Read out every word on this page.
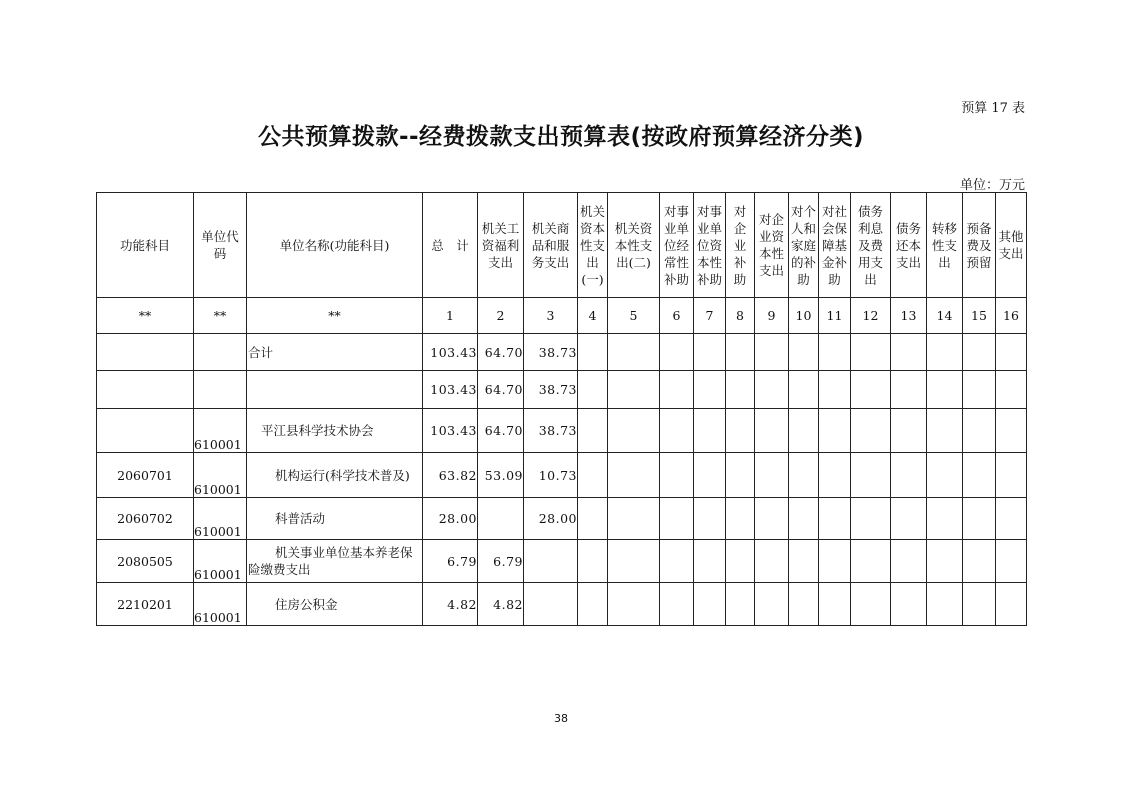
预算 17 表
公共预算拨款--经费拨款支出预算表(按政府预算经济分类)
单位：万元
功能科目	单位代码	单位名称(功能科目)	总　计	机关工资福利支出	机关商品和服务支出	机关资本性支出(一)	机关资本性支出(二)	对事业单位经常性补助	对事业单位资本性补助	对企业补助	对企业资本性支出	对个人和家庭的补助	对社会保障基金补助	债务利息及费用支出	债务还本支出	转移性支出	预备费及预留	其他支出
**	**	**	1	2	3	4	5	6	7	8	9	10	11	12	13	14	15	16
		合计	103.43	64.70	38.73													
			103.43	64.70	38.73													
	610001	平江县科学技术协会	103.43	64.70	38.73													
2060701	610001	机构运行(科学技术普及)	63.82	53.09	10.73													
2060702	610001	科普活动	28.00		28.00													
2080505	610001	机关事业单位基本养老保险缴费支出	6.79	6.79														
2210201	610001	住房公积金	4.82	4.82														
38
